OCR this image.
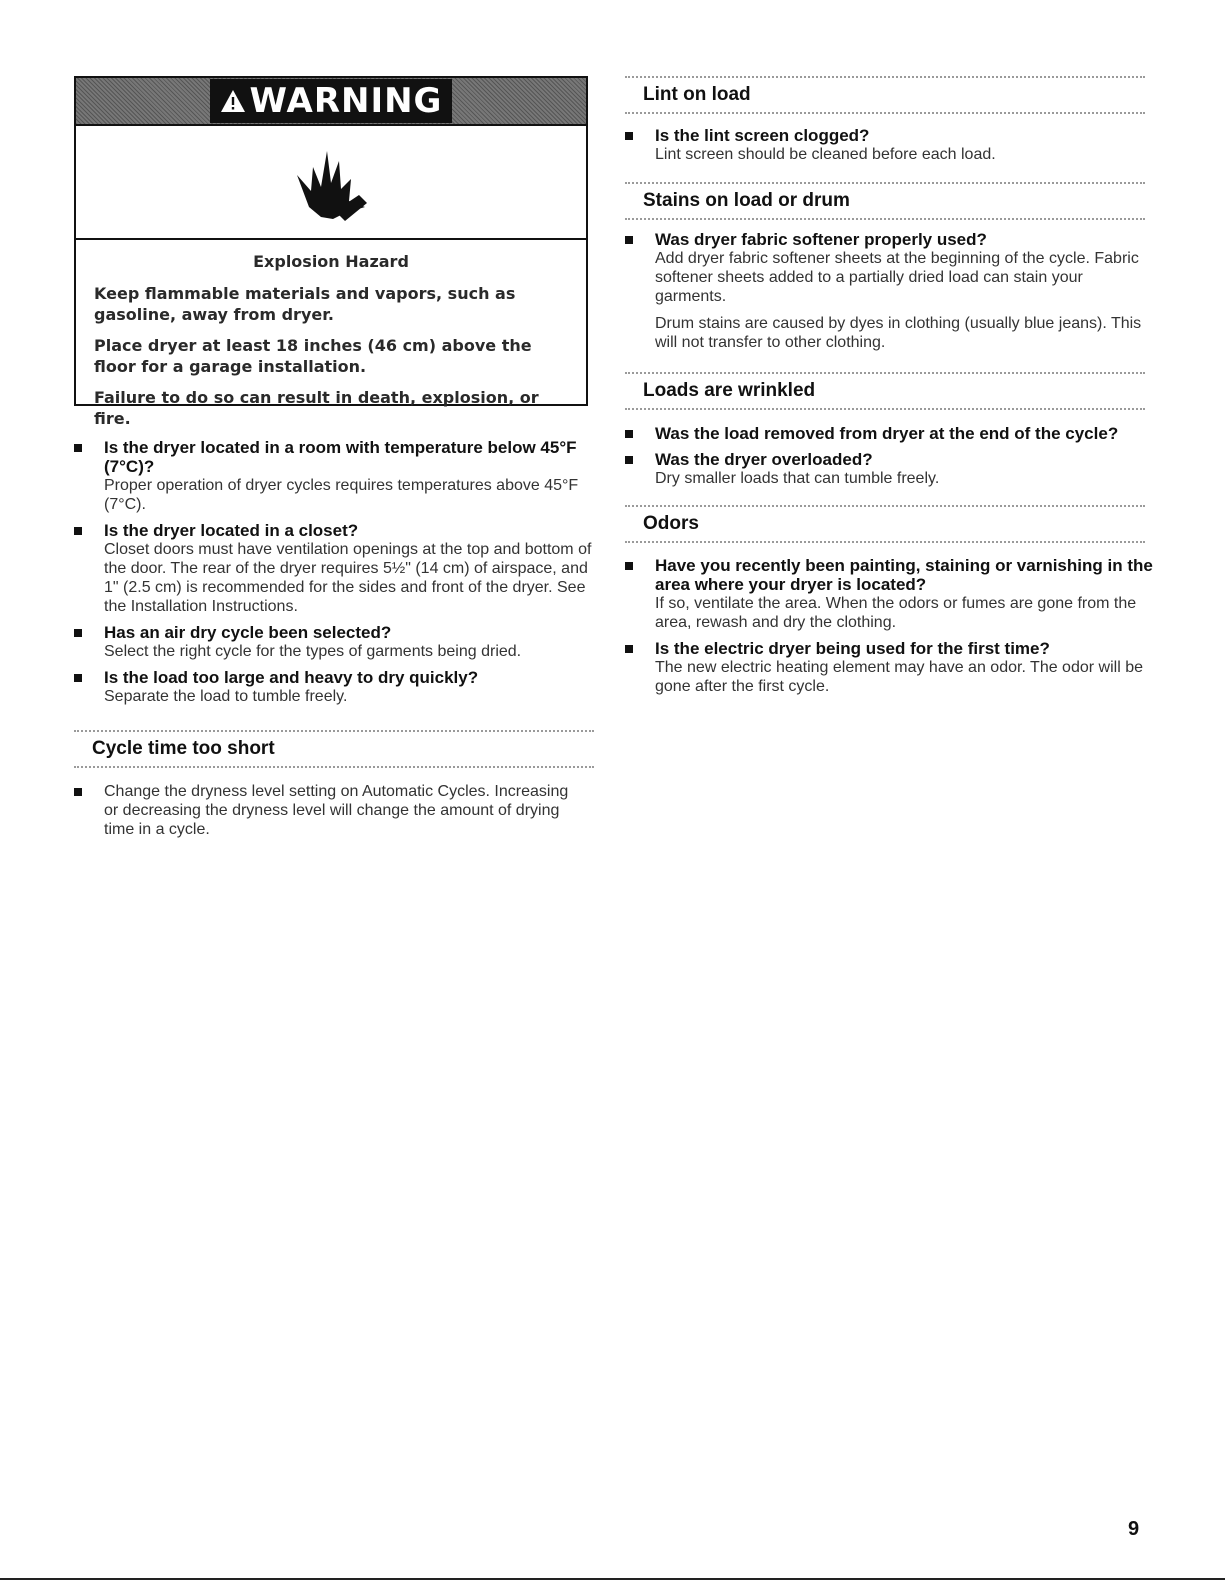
WARNING

Explosion Hazard

Keep flammable materials and vapors, such as gasoline, away from dryer.

Place dryer at least 18 inches (46 cm) above the floor for a garage installation.

Failure to do so can result in death, explosion, or fire.

Is the dryer located in a room with temperature below 45°F (7°C)?
Proper operation of dryer cycles requires temperatures above 45°F (7°C).
Is the dryer located in a closet?
Closet doors must have ventilation openings at the top and bottom of the door. The rear of the dryer requires 5½" (14 cm) of airspace, and 1" (2.5 cm) is recommended for the sides and front of the dryer. See the Installation Instructions.
Has an air dry cycle been selected?
Select the right cycle for the types of garments being dried.
Is the load too large and heavy to dry quickly?
Separate the load to tumble freely.
Cycle time too short
Change the dryness level setting on Automatic Cycles. Increasing or decreasing the dryness level will change the amount of drying time in a cycle.
Lint on load
Is the lint screen clogged?
Lint screen should be cleaned before each load.
Stains on load or drum
Was dryer fabric softener properly used?
Add dryer fabric softener sheets at the beginning of the cycle. Fabric softener sheets added to a partially dried load can stain your garments.
Drum stains are caused by dyes in clothing (usually blue jeans). This will not transfer to other clothing.
Loads are wrinkled
Was the load removed from dryer at the end of the cycle?
Was the dryer overloaded?
Dry smaller loads that can tumble freely.
Odors
Have you recently been painting, staining or varnishing in the area where your dryer is located?
If so, ventilate the area. When the odors or fumes are gone from the area, rewash and dry the clothing.
Is the electric dryer being used for the first time?
The new electric heating element may have an odor. The odor will be gone after the first cycle.
9
